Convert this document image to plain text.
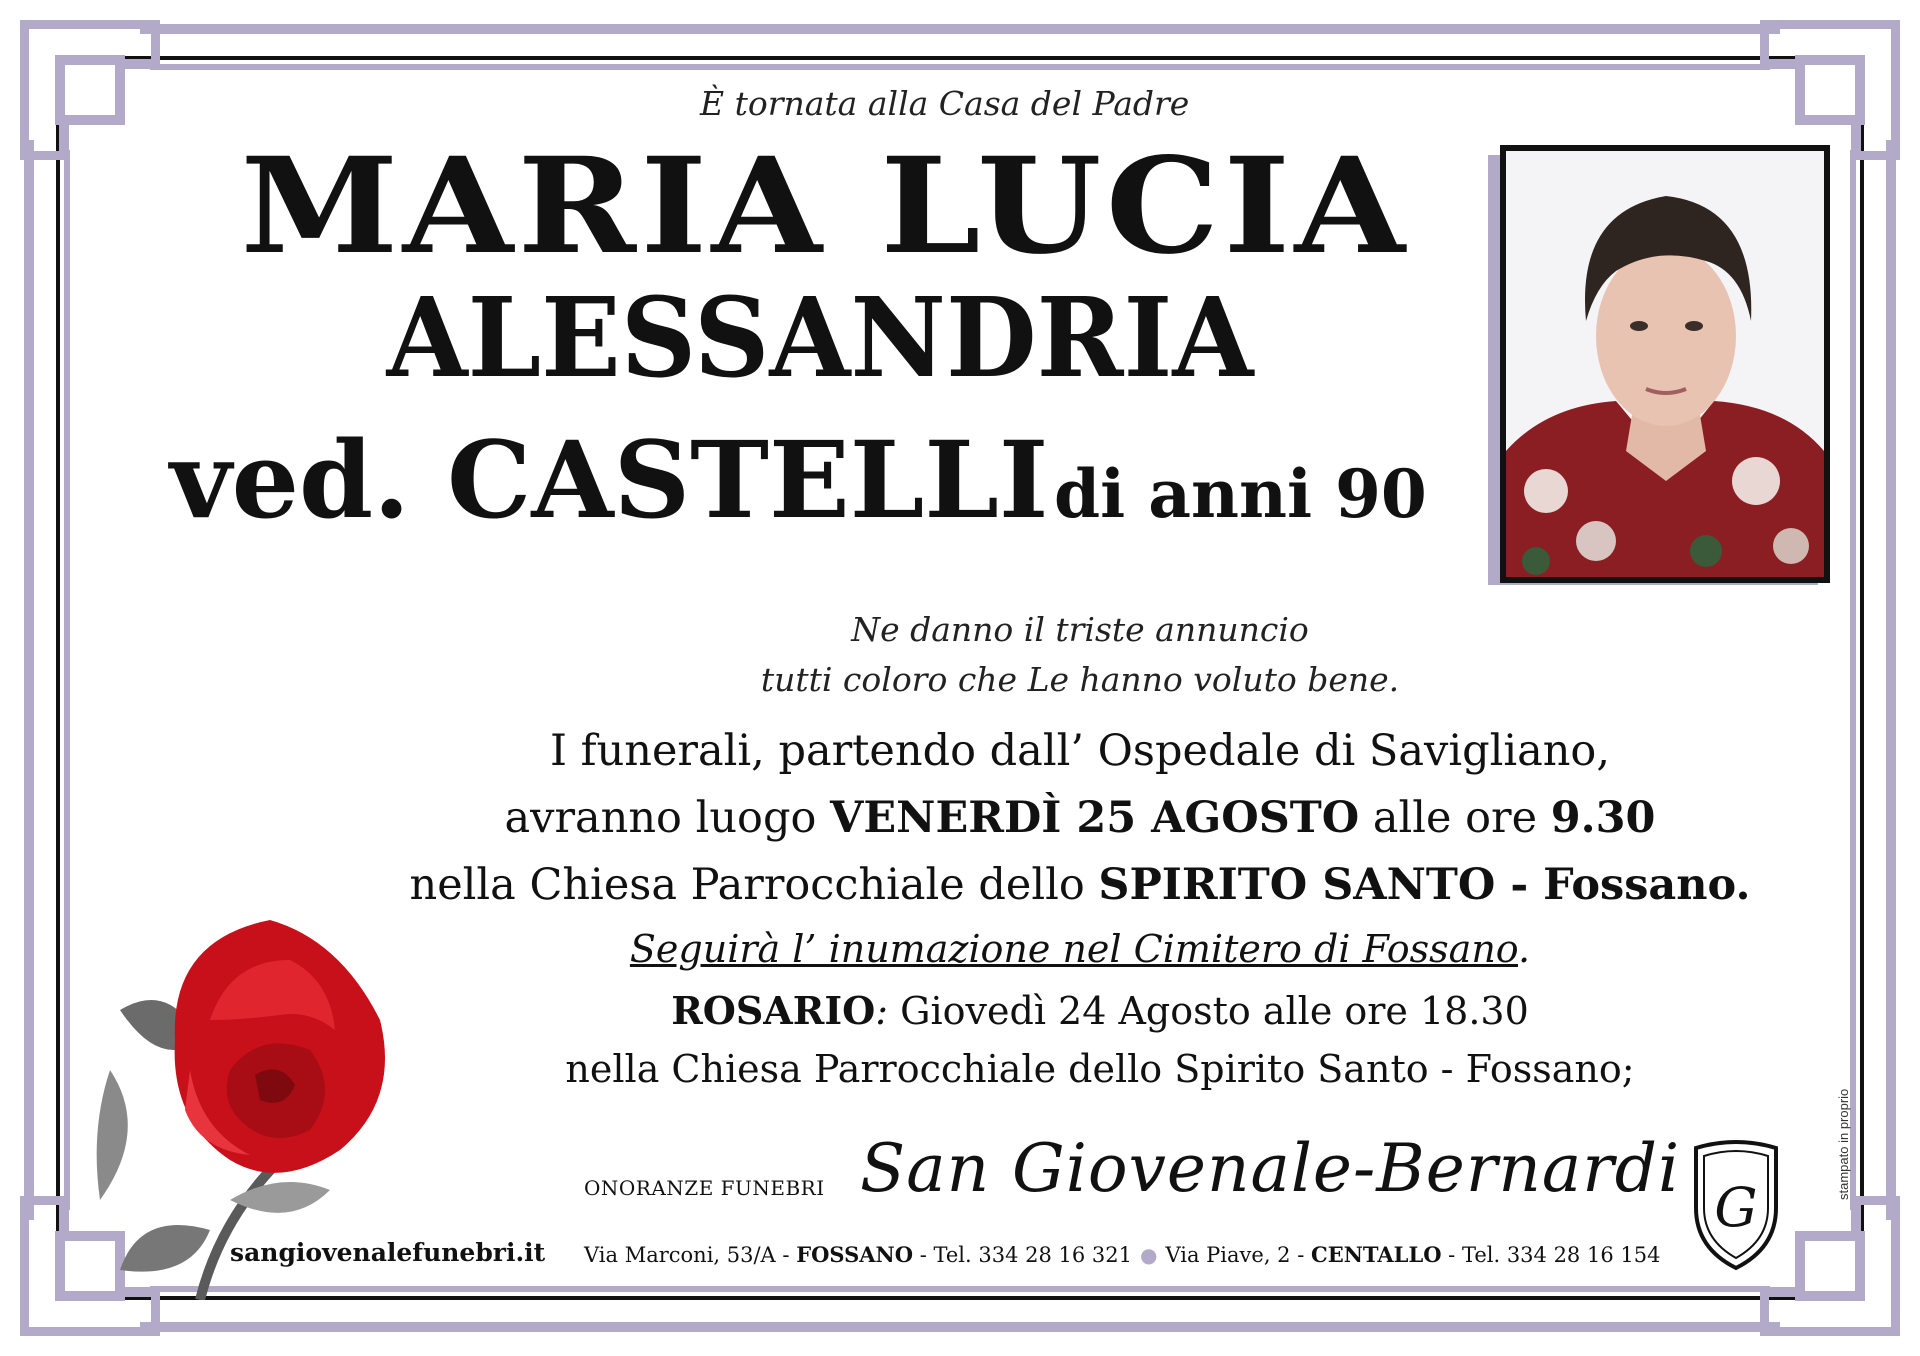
È tornata alla Casa del Padre
MARIA LUCIA
ALESSANDRIA
ved. CASTELLI di anni 90
Ne danno il triste annuncio
tutti coloro che Le hanno voluto bene.
I funerali, partendo dall’ Ospedale di Savigliano,
avranno luogo VENERDÌ 25 AGOSTO alle ore 9.30
nella Chiesa Parrocchiale dello SPIRITO SANTO - Fossano.
Seguirà l’ inumazione nel Cimitero di Fossano.
ROSARIO: Giovedì 24 Agosto alle ore 18.30
nella Chiesa Parrocchiale dello Spirito Santo - Fossano;
sangiovenalefunebri.it
ONORANZE FUNEBRI San Giovenale-Bernardi
G
Via Marconi, 53/A - FOSSANO - Tel. 334 28 16 321 ● Via Piave, 2 - CENTALLO - Tel. 334 28 16 154
stampato in proprio
